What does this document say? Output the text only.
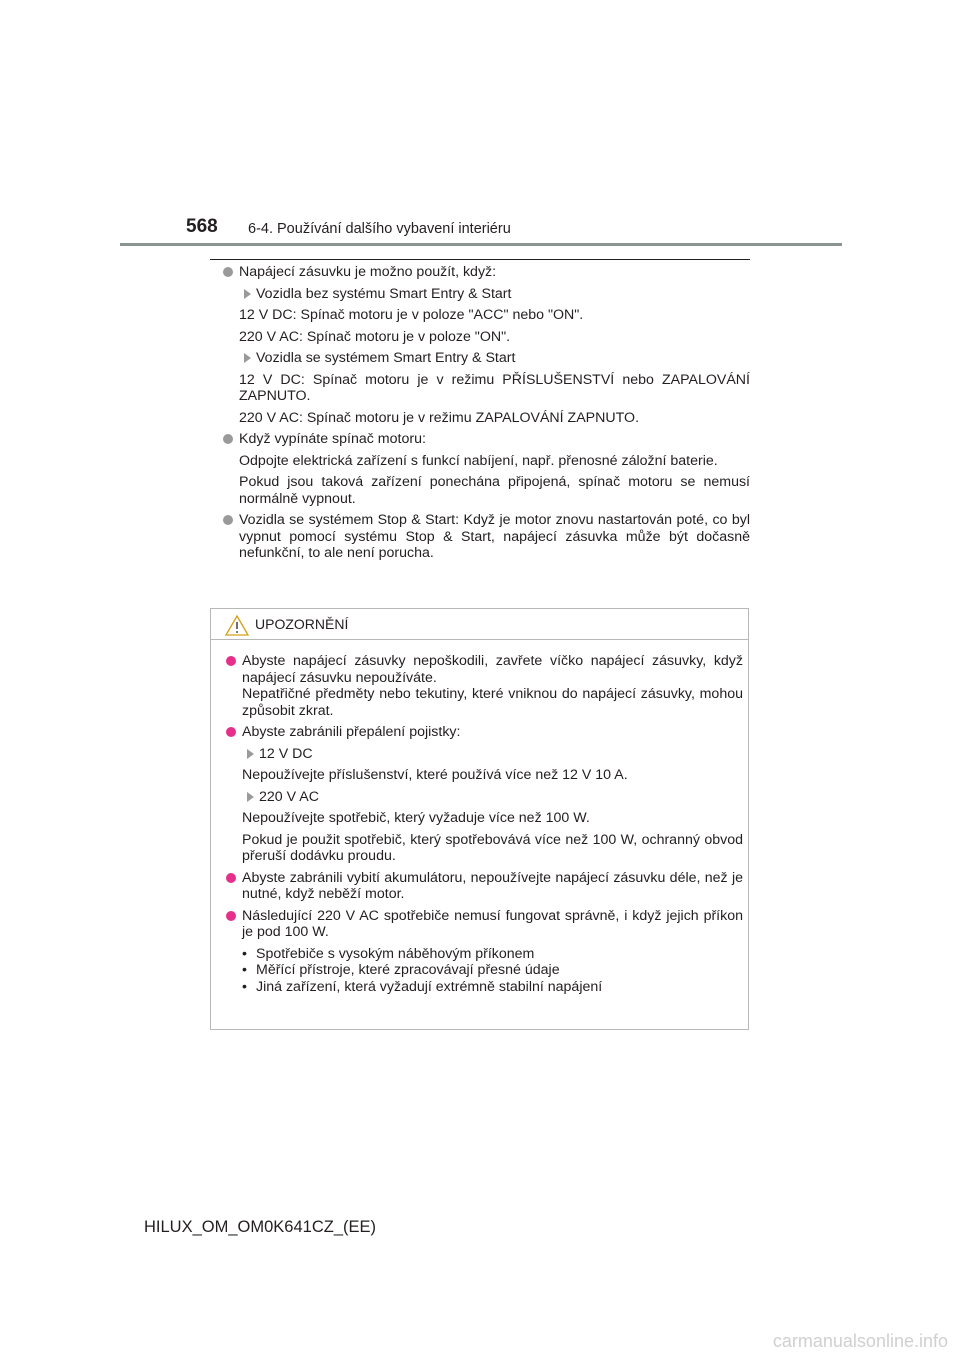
568 6-4. Používání dalšího vybavení interiéru
Napájecí zásuvku je možno použít, když:
Vozidla bez systému Smart Entry & Start
12 V DC: Spínač motoru je v poloze "ACC" nebo "ON".
220 V AC: Spínač motoru je v poloze "ON".
Vozidla se systémem Smart Entry & Start
12 V DC: Spínač motoru je v režimu PŘÍSLUŠENSTVÍ nebo ZAPALOVÁNÍ ZAPNUTO.
220 V AC: Spínač motoru je v režimu ZAPALOVÁNÍ ZAPNUTO.
Když vypínáte spínač motoru:
Odpojte elektrická zařízení s funkcí nabíjení, např. přenosné záložní baterie.
Pokud jsou taková zařízení ponechána připojená, spínač motoru se nemusí normálně vypnout.
Vozidla se systémem Stop & Start: Když je motor znovu nastartován poté, co byl vypnut pomocí systému Stop & Start, napájecí zásuvka může být dočasně nefunkční, to ale není porucha.
UPOZORNĚNÍ
Abyste napájecí zásuvky nepoškodili, zavřete víčko napájecí zásuvky, když napájecí zásuvku nepoužíváte.
Nepatřičné předměty nebo tekutiny, které vniknou do napájecí zásuvky, mohou způsobit zkrat.
Abyste zabránili přepálení pojistky:
12 V DC
Nepoužívejte příslušenství, které používá více než 12 V 10 A.
220 V AC
Nepoužívejte spotřebič, který vyžaduje více než 100 W.
Pokud je použit spotřebič, který spotřebovává více než 100 W, ochranný obvod přeruší dodávku proudu.
Abyste zabránili vybití akumulátoru, nepoužívejte napájecí zásuvku déle, než je nutné, když neběží motor.
Následující 220 V AC spotřebiče nemusí fungovat správně, i když jejich příkon je pod 100 W.
• Spotřebiče s vysokým náběhovým příkonem
• Měřící přístroje, které zpracovávají přesné údaje
• Jiná zařízení, která vyžadují extrémně stabilní napájení
HILUX_OM_OM0K641CZ_(EE)
carmanualsonline.info
